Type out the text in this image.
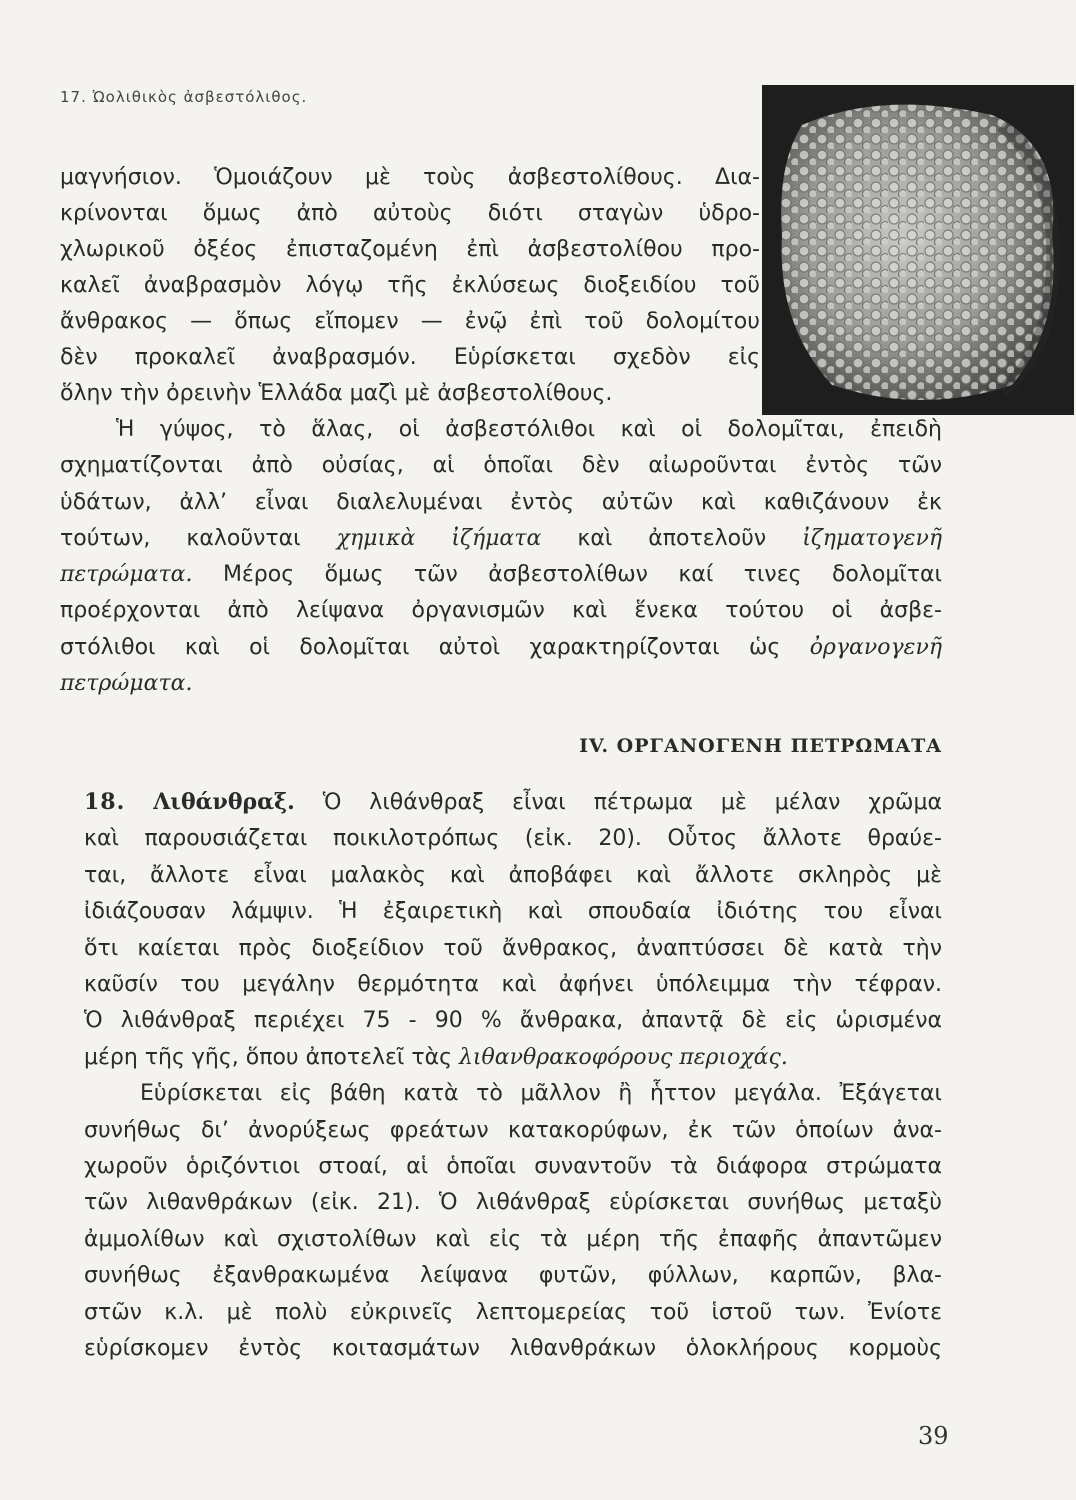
17. Ὠολιθικὸς ἀσβεστόλιθος.
μαγνήσιον. Ὁμοιάζουν μὲ τοὺς ἀσβεστολίθους. Δια-
κρίνονται ὅμως ἀπὸ αὐτοὺς διότι σταγὼν ὑδρο-
χλωρικοῦ ὀξέος ἐπισταζομένη ἐπὶ ἀσβεστολίθου προ-
καλεῖ ἀναβρασμὸν λόγῳ τῆς ἐκλύσεως διοξειδίου τοῦ
ἄνθρακος — ὅπως εἴπομεν — ἐνῷ ἐπὶ τοῦ δολομίτου
δὲν προκαλεῖ ἀναβρασμόν. Εὑρίσκεται σχεδὸν εἰς
ὅλην τὴν ὀρεινὴν Ἑλλάδα μαζὶ μὲ ἀσβεστολίθους.
Ἡ γύψος, τὸ ἅλας, οἱ ἀσβεστόλιθοι καὶ οἱ δολομῖται, ἐπειδὴ
σχηματίζονται ἀπὸ οὐσίας, αἱ ὁποῖαι δὲν αἰωροῦνται ἐντὸς τῶν
ὑδάτων, ἀλλ’ εἶναι διαλελυμέναι ἐντὸς αὐτῶν καὶ καθιζάνουν ἐκ
τούτων, καλοῦνται χημικὰ ἰζήματα καὶ ἀποτελοῦν ἰζηματογενῆ
πετρώματα. Μέρος ὅμως τῶν ἀσβεστολίθων καί τινες δολομῖται
προέρχονται ἀπὸ λείψανα ὀργανισμῶν καὶ ἕνεκα τούτου οἱ ἀσβε-
στόλιθοι καὶ οἱ δολομῖται αὐτοὶ χαρακτηρίζονται ὡς ὀργανογενῆ
πετρώματα.
IV. ΟΡΓΑΝΟΓΕΝΗ ΠΕΤΡΩΜΑΤΑ
18. Λιθάνθραξ. Ὁ λιθάνθραξ εἶναι πέτρωμα μὲ μέλαν χρῶμα
καὶ παρουσιάζεται ποικιλοτρόπως (εἰκ. 20). Οὗτος ἄλλοτε θραύε-
ται, ἄλλοτε εἶναι μαλακὸς καὶ ἀποβάφει καὶ ἄλλοτε σκληρὸς μὲ
ἰδιάζουσαν λάμψιν. Ἡ ἐξαιρετικὴ καὶ σπουδαία ἰδιότης του εἶναι
ὅτι καίεται πρὸς διοξείδιον τοῦ ἄνθρακος, ἀναπτύσσει δὲ κατὰ τὴν
καῦσίν του μεγάλην θερμότητα καὶ ἀφήνει ὑπόλειμμα τὴν τέφραν.
Ὁ λιθάνθραξ περιέχει 75 - 90 % ἄνθρακα, ἀπαντᾷ δὲ εἰς ὡρισμένα
μέρη τῆς γῆς, ὅπου ἀποτελεῖ τὰς λιθανθρακοφόρους περιοχάς.
Εὑρίσκεται εἰς βάθη κατὰ τὸ μᾶλλον ἢ ἧττον μεγάλα. Ἐξάγεται
συνήθως δι’ ἀνορύξεως φρεάτων κατακορύφων, ἐκ τῶν ὁποίων ἀνα-
χωροῦν ὁριζόντιοι στοαί, αἱ ὁποῖαι συναντοῦν τὰ διάφορα στρώματα
τῶν λιθανθράκων (εἰκ. 21). Ὁ λιθάνθραξ εὑρίσκεται συνήθως μεταξὺ
ἀμμολίθων καὶ σχιστολίθων καὶ εἰς τὰ μέρη τῆς ἐπαφῆς ἀπαντῶμεν
συνήθως ἐξανθρακωμένα λείψανα φυτῶν, φύλλων, καρπῶν, βλα-
στῶν κ.λ. μὲ πολὺ εὐκρινεῖς λεπτομερείας τοῦ ἱστοῦ των. Ἐνίοτε
εὑρίσκομεν ἐντὸς κοιτασμάτων λιθανθράκων ὁλοκλήρους κορμοὺς
39
